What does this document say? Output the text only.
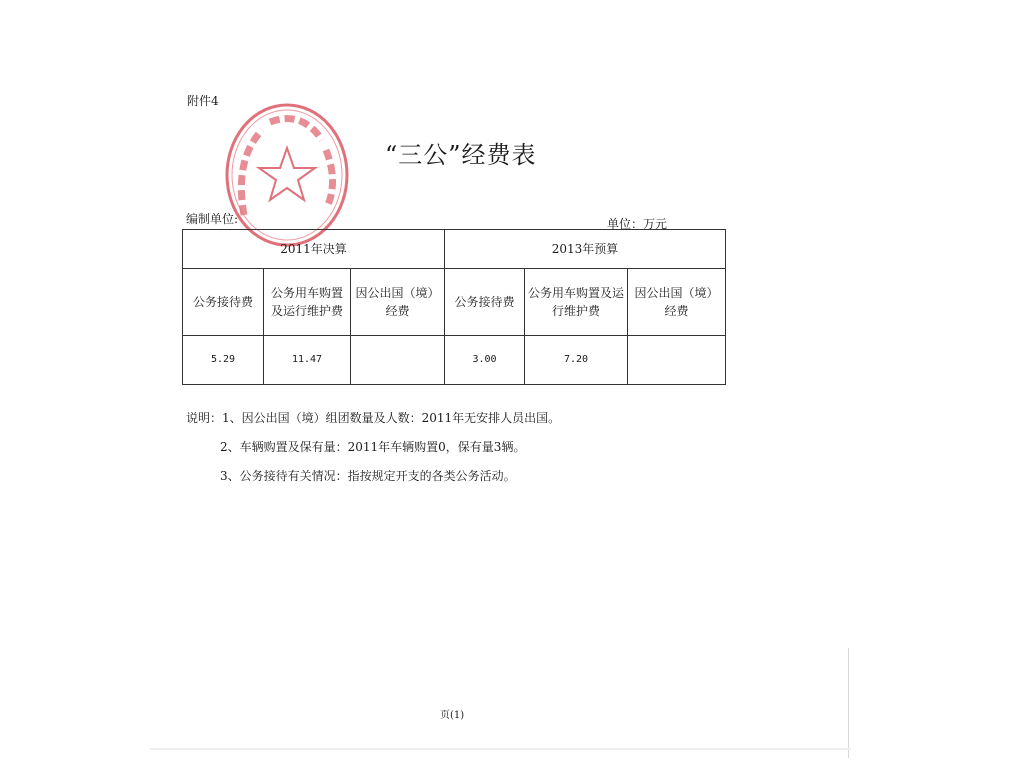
附件4
“三公”经费表
编制单位:	单位：万元
2011年决算			2013年预算		
公务接待费	公务用车购置及运行维护费	因公出国（境）经费	公务接待费	公务用车购置及运行维护费	因公出国（境）经费
5.29	11.47		3.00	7.20	
说明：1、因公出国（境）组团数量及人数：2011年无安排人员出国。
2、车辆购置及保有量：2011年车辆购置0，保有量3辆。
3、公务接待有关情况：指按规定开支的各类公务活动。
页(1)
